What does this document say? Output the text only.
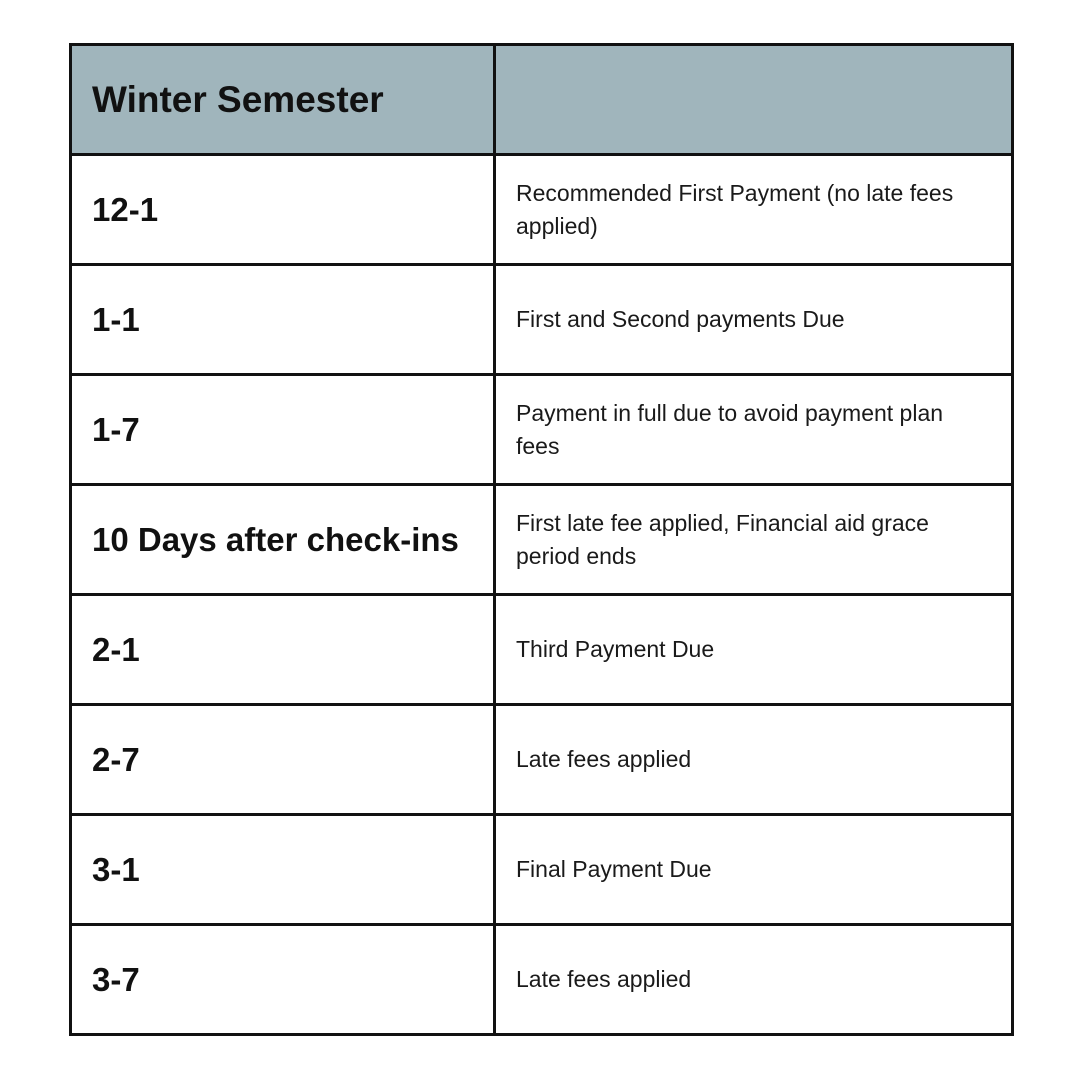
Winter Semester	
12-1	Recommended First Payment (no late fees applied)
1-1	First and Second payments Due
1-7	Payment in full due to avoid payment plan fees
10 Days after check-ins	First late fee applied, Financial aid grace period ends
2-1	Third Payment Due
2-7	Late fees applied
3-1	Final Payment Due
3-7	Late fees applied
